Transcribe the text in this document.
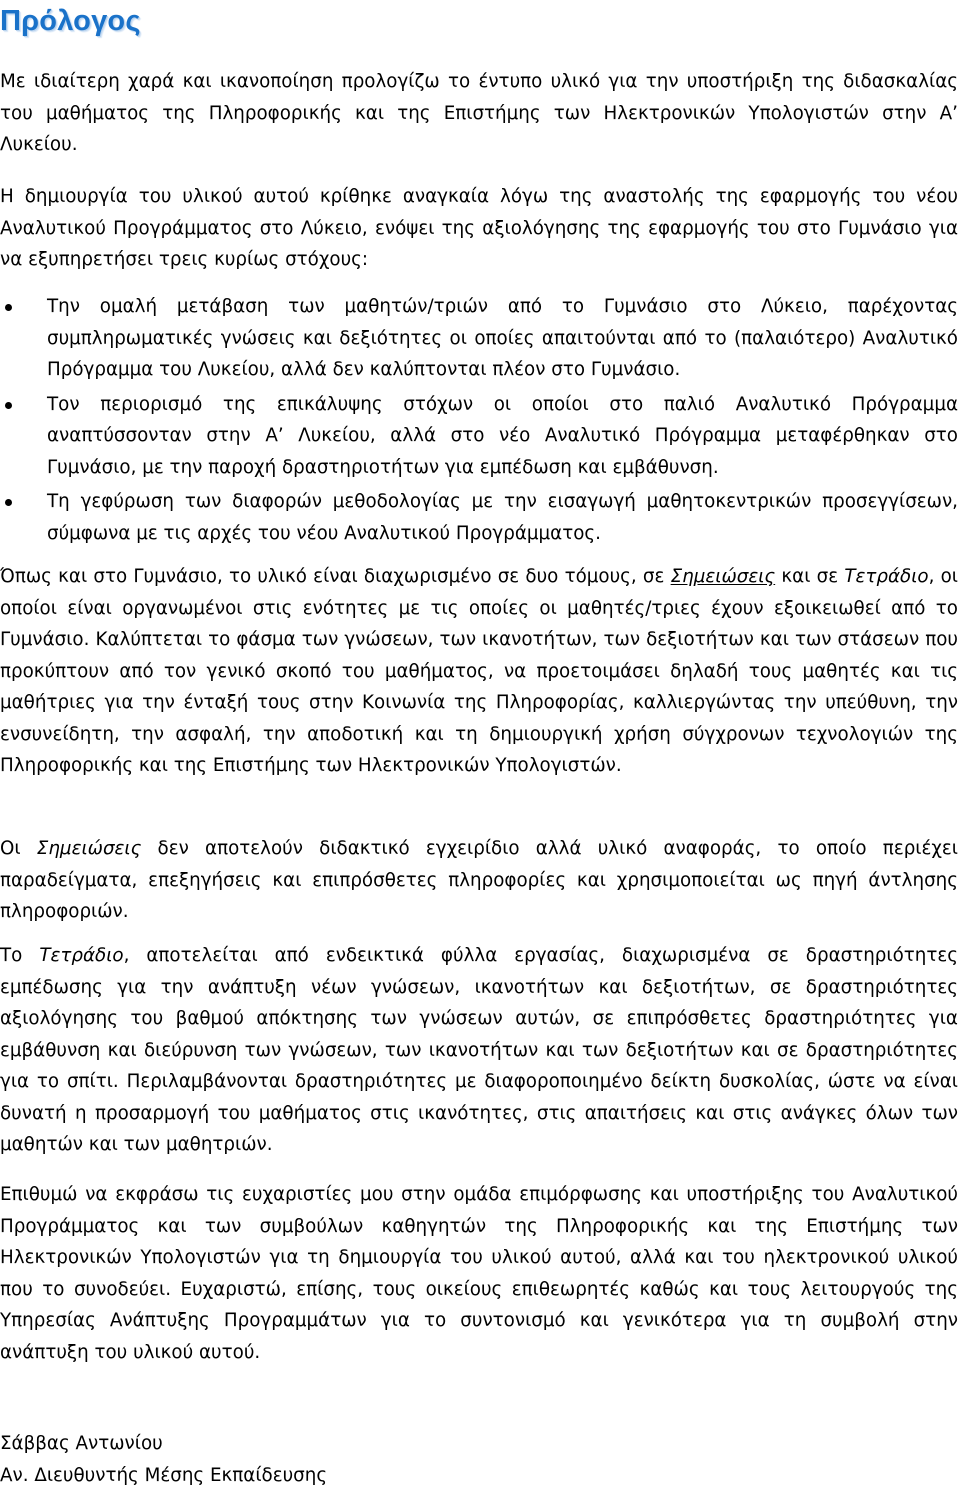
Πρόλογος

Με ιδιαίτερη χαρά και ικανοποίηση προλογίζω το έντυπο υλικό για την υποστήριξη της διδασκαλίας του μαθήματος της Πληροφορικής και της Επιστήμης των Ηλεκτρονικών Υπολογιστών στην Α’ Λυκείου.

Η δημιουργία του υλικού αυτού κρίθηκε αναγκαία λόγω της αναστολής της εφαρμογής του νέου Αναλυτικού Προγράμματος στο Λύκειο, ενόψει της αξιολόγησης της εφαρμογής του στο Γυμνάσιο για να εξυπηρετήσει τρεις κυρίως στόχους:

Την ομαλή μετάβαση των μαθητών/τριών από το Γυμνάσιο στο Λύκειο, παρέχοντας συμπληρωματικές γνώσεις και δεξιότητες οι οποίες απαιτούνται από το (παλαιότερο) Αναλυτικό Πρόγραμμα του Λυκείου, αλλά δεν καλύπτονται πλέον στο Γυμνάσιο.
Τον περιορισμό της επικάλυψης στόχων οι οποίοι στο παλιό Αναλυτικό Πρόγραμμα αναπτύσσονταν στην Α’ Λυκείου, αλλά στο νέο Αναλυτικό Πρόγραμμα μεταφέρθηκαν στο Γυμνάσιο, με την παροχή δραστηριοτήτων για εμπέδωση και εμβάθυνση.
Τη γεφύρωση των διαφορών μεθοδολογίας με την εισαγωγή μαθητοκεντρικών προσεγγίσεων, σύμφωνα με τις αρχές του νέου Αναλυτικού Προγράμματος.

Όπως και στο Γυμνάσιο, το υλικό είναι διαχωρισμένο σε δυο τόμους, σε Σημειώσεις και σε Τετράδιο, οι οποίοι είναι οργανωμένοι στις ενότητες με τις οποίες οι μαθητές/τριες έχουν εξοικειωθεί από το Γυμνάσιο. Καλύπτεται το φάσμα των γνώσεων, των ικανοτήτων, των δεξιοτήτων και των στάσεων που προκύπτουν από τον γενικό σκοπό του μαθήματος, να προετοιμάσει δηλαδή τους μαθητές και τις μαθήτριες για την ένταξή τους στην Κοινωνία της Πληροφορίας, καλλιεργώντας την υπεύθυνη, την ενσυνείδητη, την ασφαλή, την αποδοτική και τη δημιουργική χρήση σύγχρονων τεχνολογιών της Πληροφορικής και της Επιστήμης των Ηλεκτρονικών Υπολογιστών.

Οι Σημειώσεις δεν αποτελούν διδακτικό εγχειρίδιο αλλά υλικό αναφοράς, το οποίο περιέχει παραδείγματα, επεξηγήσεις και επιπρόσθετες πληροφορίες και χρησιμοποιείται ως πηγή άντλησης πληροφοριών.

Το Τετράδιο, αποτελείται από ενδεικτικά φύλλα εργασίας, διαχωρισμένα σε δραστηριότητες εμπέδωσης για την ανάπτυξη νέων γνώσεων, ικανοτήτων και δεξιοτήτων, σε δραστηριότητες αξιολόγησης του βαθμού απόκτησης των γνώσεων αυτών, σε επιπρόσθετες δραστηριότητες για εμβάθυνση και διεύρυνση των γνώσεων, των ικανοτήτων και των δεξιοτήτων και σε δραστηριότητες για το σπίτι. Περιλαμβάνονται δραστηριότητες με διαφοροποιημένο δείκτη δυσκολίας, ώστε να είναι δυνατή η προσαρμογή του μαθήματος στις ικανότητες, στις απαιτήσεις και στις ανάγκες όλων των μαθητών και των μαθητριών.

Επιθυμώ να εκφράσω τις ευχαριστίες μου στην ομάδα επιμόρφωσης και υποστήριξης του Αναλυτικού Προγράμματος και των συμβούλων καθηγητών της Πληροφορικής και της Επιστήμης των Ηλεκτρονικών Υπολογιστών για τη δημιουργία του υλικού αυτού, αλλά και του ηλεκτρονικού υλικού που το συνοδεύει. Ευχαριστώ, επίσης, τους οικείους επιθεωρητές καθώς και τους λειτουργούς της Υπηρεσίας Ανάπτυξης Προγραμμάτων για το συντονισμό και γενικότερα για τη συμβολή στην ανάπτυξη του υλικού αυτού.

Σάββας Αντωνίου

Αν. Διευθυντής Μέσης Εκπαίδευσης
